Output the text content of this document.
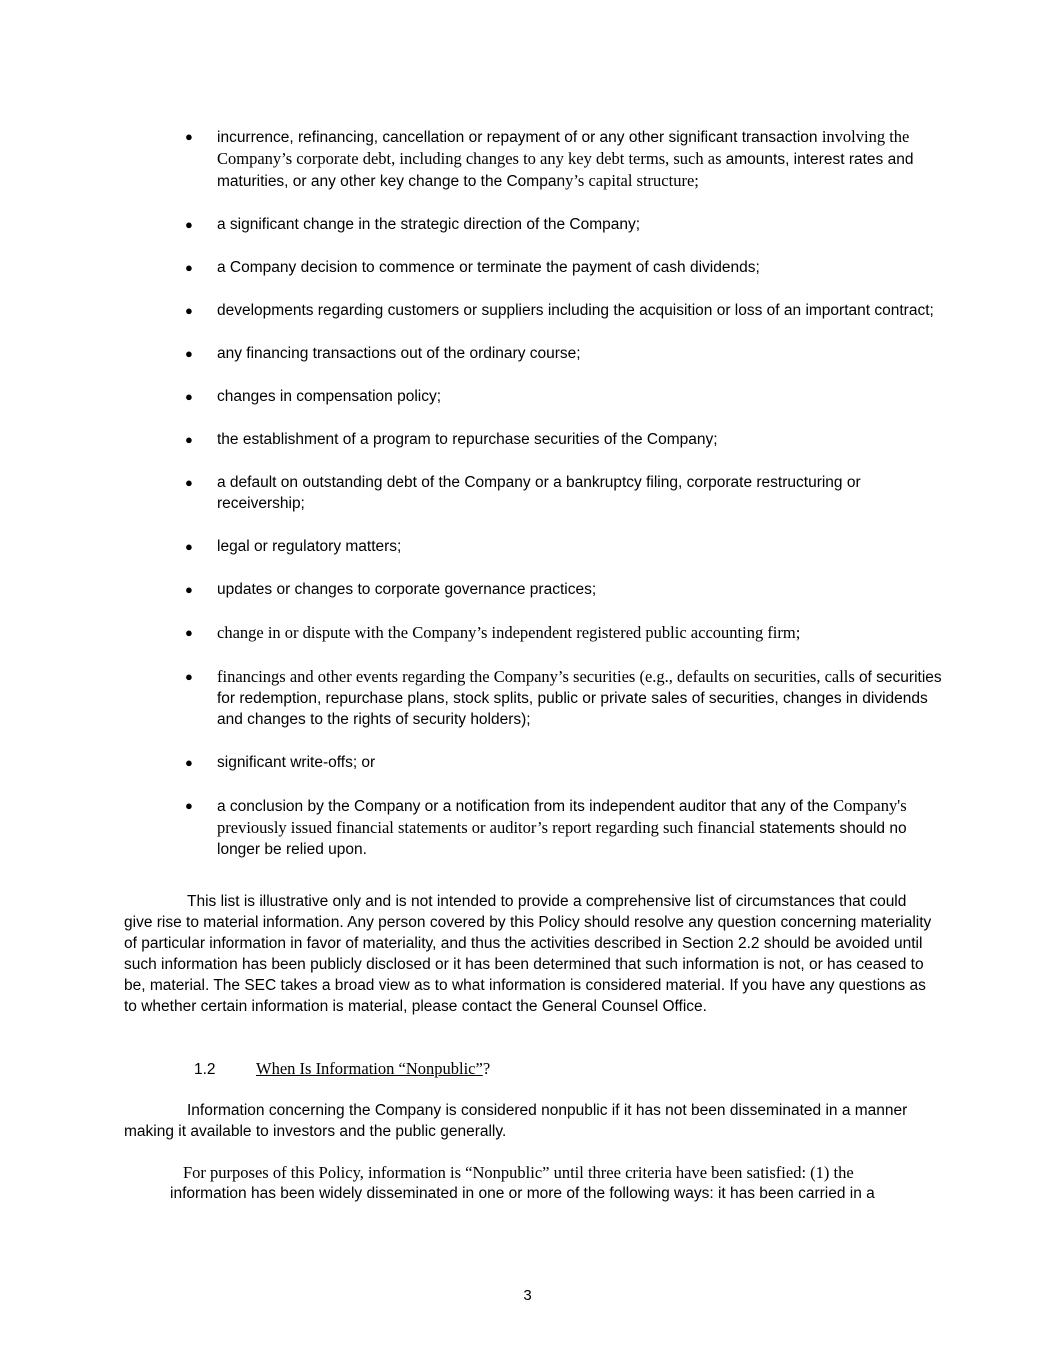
● incurrence, refinancing, cancellation or repayment of or any other significant transaction involving the Company’s corporate debt, including changes to any key debt terms, such as amounts, interest rates and maturities, or any other key change to the Company’s capital structure;
● a significant change in the strategic direction of the Company;
● a Company decision to commence or terminate the payment of cash dividends;
● developments regarding customers or suppliers including the acquisition or loss of an important contract;
● any financing transactions out of the ordinary course;
● changes in compensation policy;
● the establishment of a program to repurchase securities of the Company;
● a default on outstanding debt of the Company or a bankruptcy filing, corporate restructuring or receivership;
● legal or regulatory matters;
● updates or changes to corporate governance practices;
● change in or dispute with the Company’s independent registered public accounting firm;
● financings and other events regarding the Company’s securities (e.g., defaults on securities, calls of securities for redemption, repurchase plans, stock splits, public or private sales of securities, changes in dividends and changes to the rights of security holders);
● significant write-offs; or
● a conclusion by the Company or a notification from its independent auditor that any of the Company's previously issued financial statements or auditor’s report regarding such financial statements should no longer be relied upon.

This list is illustrative only and is not intended to provide a comprehensive list of circumstances that could give rise to material information. Any person covered by this Policy should resolve any question concerning materiality of particular information in favor of materiality, and thus the activities described in Section 2.2 should be avoided until such information has been publicly disclosed or it has been determined that such information is not, or has ceased to be, material. The SEC takes a broad view as to what information is considered material. If you have any questions as to whether certain information is material, please contact the General Counsel Office.

1.2 When Is Information “Nonpublic”?

Information concerning the Company is considered nonpublic if it has not been disseminated in a manner making it available to investors and the public generally.

For purposes of this Policy, information is “Nonpublic” until three criteria have been satisfied: (1) the
information has been widely disseminated in one or more of the following ways: it has been carried in a

3
